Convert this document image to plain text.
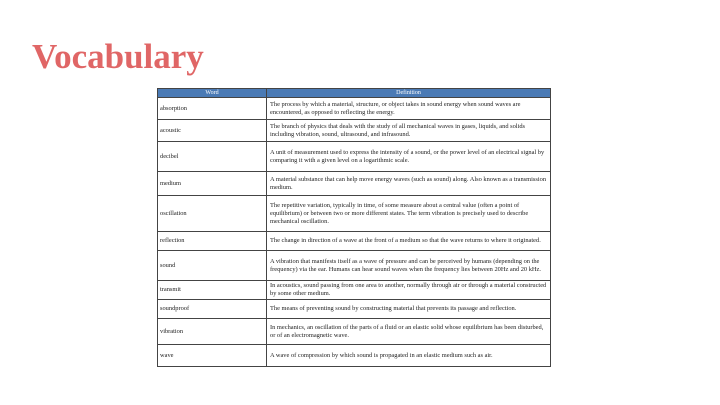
Vocabulary
Word	Definition
absorption	The process by which a material, structure, or object takes in sound energy when sound waves are encountered, as opposed to reflecting the energy.
acoustic	The branch of physics that deals with the study of all mechanical waves in gases, liquids, and solids including vibration, sound, ultrasound, and infrasound.
decibel	A unit of measurement used to express the intensity of a sound, or the power level of an electrical signal by comparing it with a given level on a logarithmic scale.
medium	A material substance that can help move energy waves (such as sound) along. Also known as a transmission medium.
oscillation	The repetitive variation, typically in time, of some measure about a central value (often a point of equilibrium) or between two or more different states. The term vibration is precisely used to describe mechanical oscillation.
reflection	The change in direction of a wave at the front of a medium so that the wave returns to where it originated.
sound	A vibration that manifests itself as a wave of pressure and can be perceived by humans (depending on the frequency) via the ear. Humans can hear sound waves when the frequency lies between 20Hz and 20 kHz.
transmit	In acoustics, sound passing from one area to another, normally through air or through a material constructed by some other medium.
soundproof	The means of preventing sound by constructing material that prevents its passage and reflection.
vibration	In mechanics, an oscillation of the parts of a fluid or an elastic solid whose equilibrium has been disturbed, or of an electromagnetic wave.
wave	A wave of compression by which sound is propagated in an elastic medium such as air.
